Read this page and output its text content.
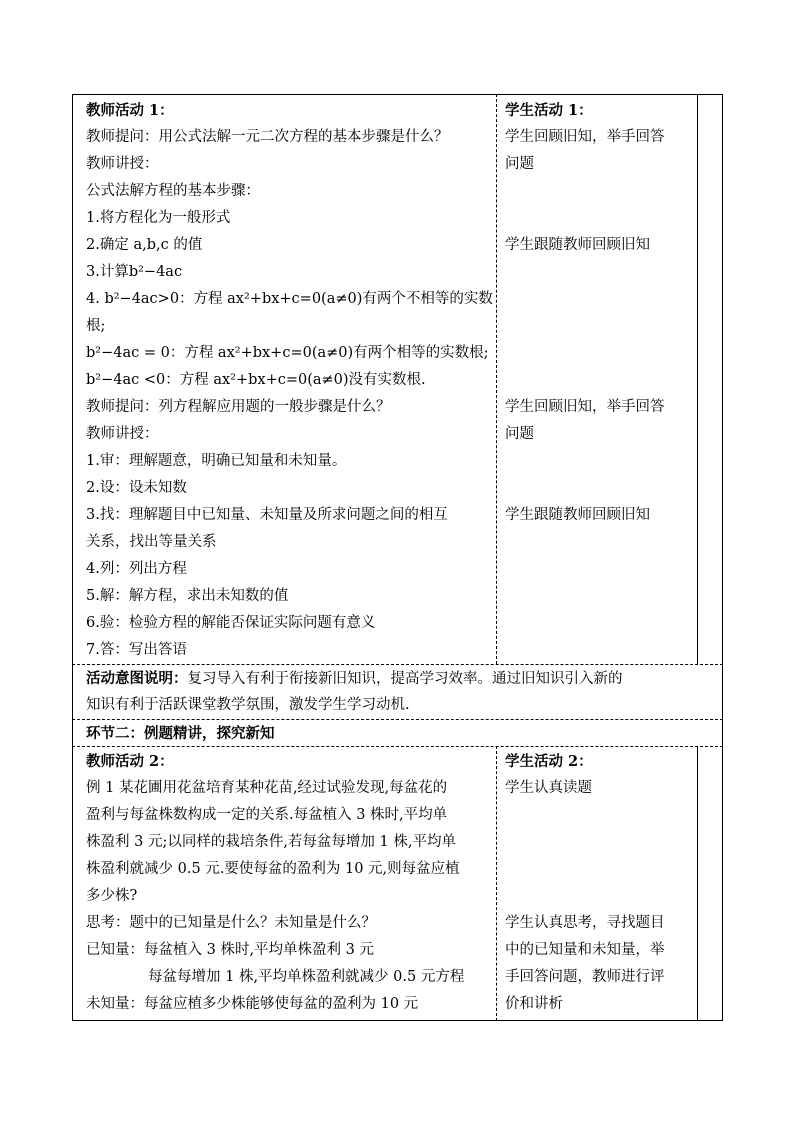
教师活动 1：
教师提问：用公式法解一元二次方程的基本步骤是什么？
教师讲授：
公式法解方程的基本步骤：
1.将方程化为一般形式
2.确定 a,b,c 的值
3.计算b²−4ac
4. b²−4ac>0：方程 ax²+bx+c=0(a≠0)有两个不相等的实数
根;
b²−4ac = 0：方程 ax²+bx+c=0(a≠0)有两个相等的实数根;
b²−4ac <0：方程 ax²+bx+c=0(a≠0)没有实数根.
教师提问：列方程解应用题的一般步骤是什么？
教师讲授：
1.审：理解题意，明确已知量和未知量。
2.设：设未知数
3.找：理解题目中已知量、未知量及所求问题之间的相互
关系，找出等量关系
4.列：列出方程
5.解：解方程，求出未知数的值
6.验：检验方程的解能否保证实际问题有意义
7.答：写出答语
学生活动 1：
学生回顾旧知，举手回答
问题
学生跟随教师回顾旧知
学生回顾旧知，举手回答
问题
学生跟随教师回顾旧知
活动意图说明：复习导入有利于衔接新旧知识，提高学习效率。通过旧知识引入新的
知识有利于活跃课堂教学氛围，激发学生学习动机.
环节二：例题精讲，探究新知
教师活动 2：
例 1 某花圃用花盆培育某种花苗,经过试验发现,每盆花的
盈利与每盆株数构成一定的关系.每盆植入 3 株时,平均单
株盈利 3 元;以同样的栽培条件,若每盆每增加 1 株,平均单
株盈利就减少 0.5 元.要使每盆的盈利为 10 元,则每盆应植
多少株?
思考：题中的已知量是什么？未知量是什么？
已知量：每盆植入 3 株时,平均单株盈利 3 元
每盆每增加 1 株,平均单株盈利就减少 0.5 元方程
未知量：每盆应植多少株能够使每盆的盈利为 10 元
学生活动 2：
学生认真读题
学生认真思考，寻找题目
中的已知量和未知量，举
手回答问题，教师进行评
价和讲析
